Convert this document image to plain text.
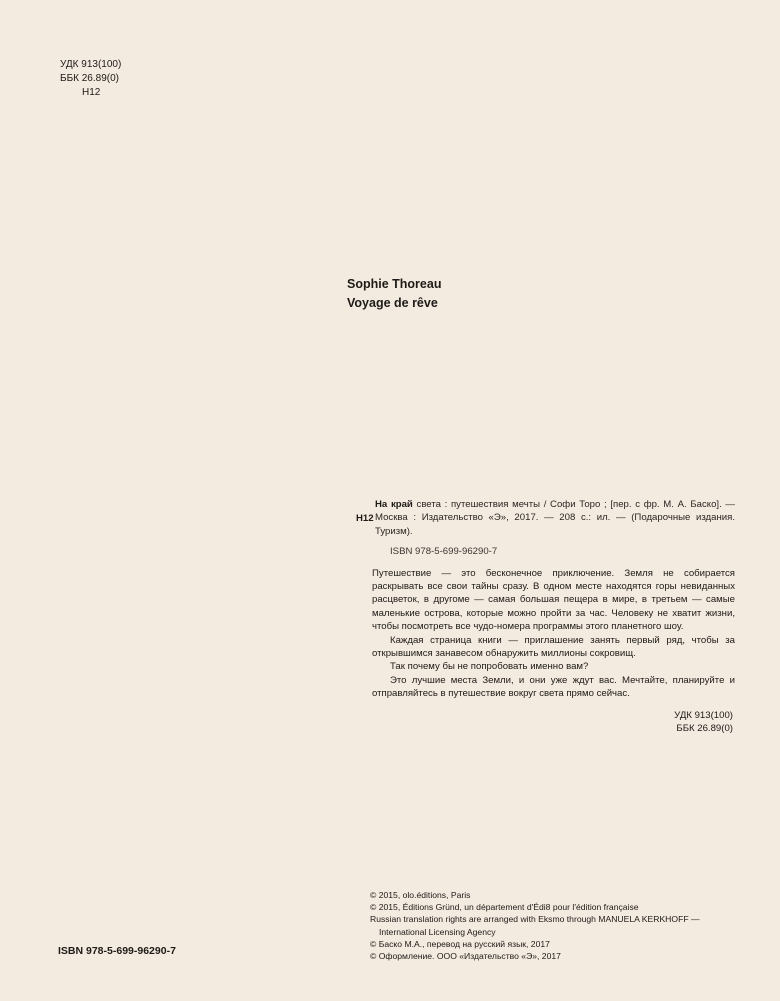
УДК 913(100)
ББК 26.89(0)
Н12
Sophie Thoreau
Voyage de rêve
Н12

На край света : путешествия мечты / Софи Торо ; [пер. с фр. М. А. Баско]. — Москва : Издательство «Э», 2017. — 208 с.: ил. — (Подарочные издания. Туризм).

ISBN 978-5-699-96290-7

Путешествие — это бесконечное приключение. Земля не собирается раскрывать все свои тайны сразу. В одном месте находятся горы невиданных расцветок, в другоме — самая большая пещера в мире, в третьем — самые маленькие острова, которые можно пройти за час. Человеку не хватит жизни, чтобы посмотреть все чудо-номера программы этого планетного шоу.

Каждая страница книги — приглашение занять первый ряд, чтобы за открывшимся занавесом обнаружить миллионы сокровищ.

Так почему бы не попробовать именно вам?

Это лучшие места Земли, и они уже ждут вас. Мечтайте, планируйте и отправляйтесь в путешествие вокруг света прямо сейчас.

УДК 913(100)
ББК 26.89(0)
© 2015, olo.éditions, Paris
© 2015, Éditions Gründ, un département d'Édi8 pour l'édition française
Russian translation rights are arranged with Eksmo through MANUELA KERKHOFF —
International Licensing Agency
© Баско М.А., перевод на русский язык, 2017
© Оформление. ООО «Издательство «Э», 2017
ISBN 978-5-699-96290-7
